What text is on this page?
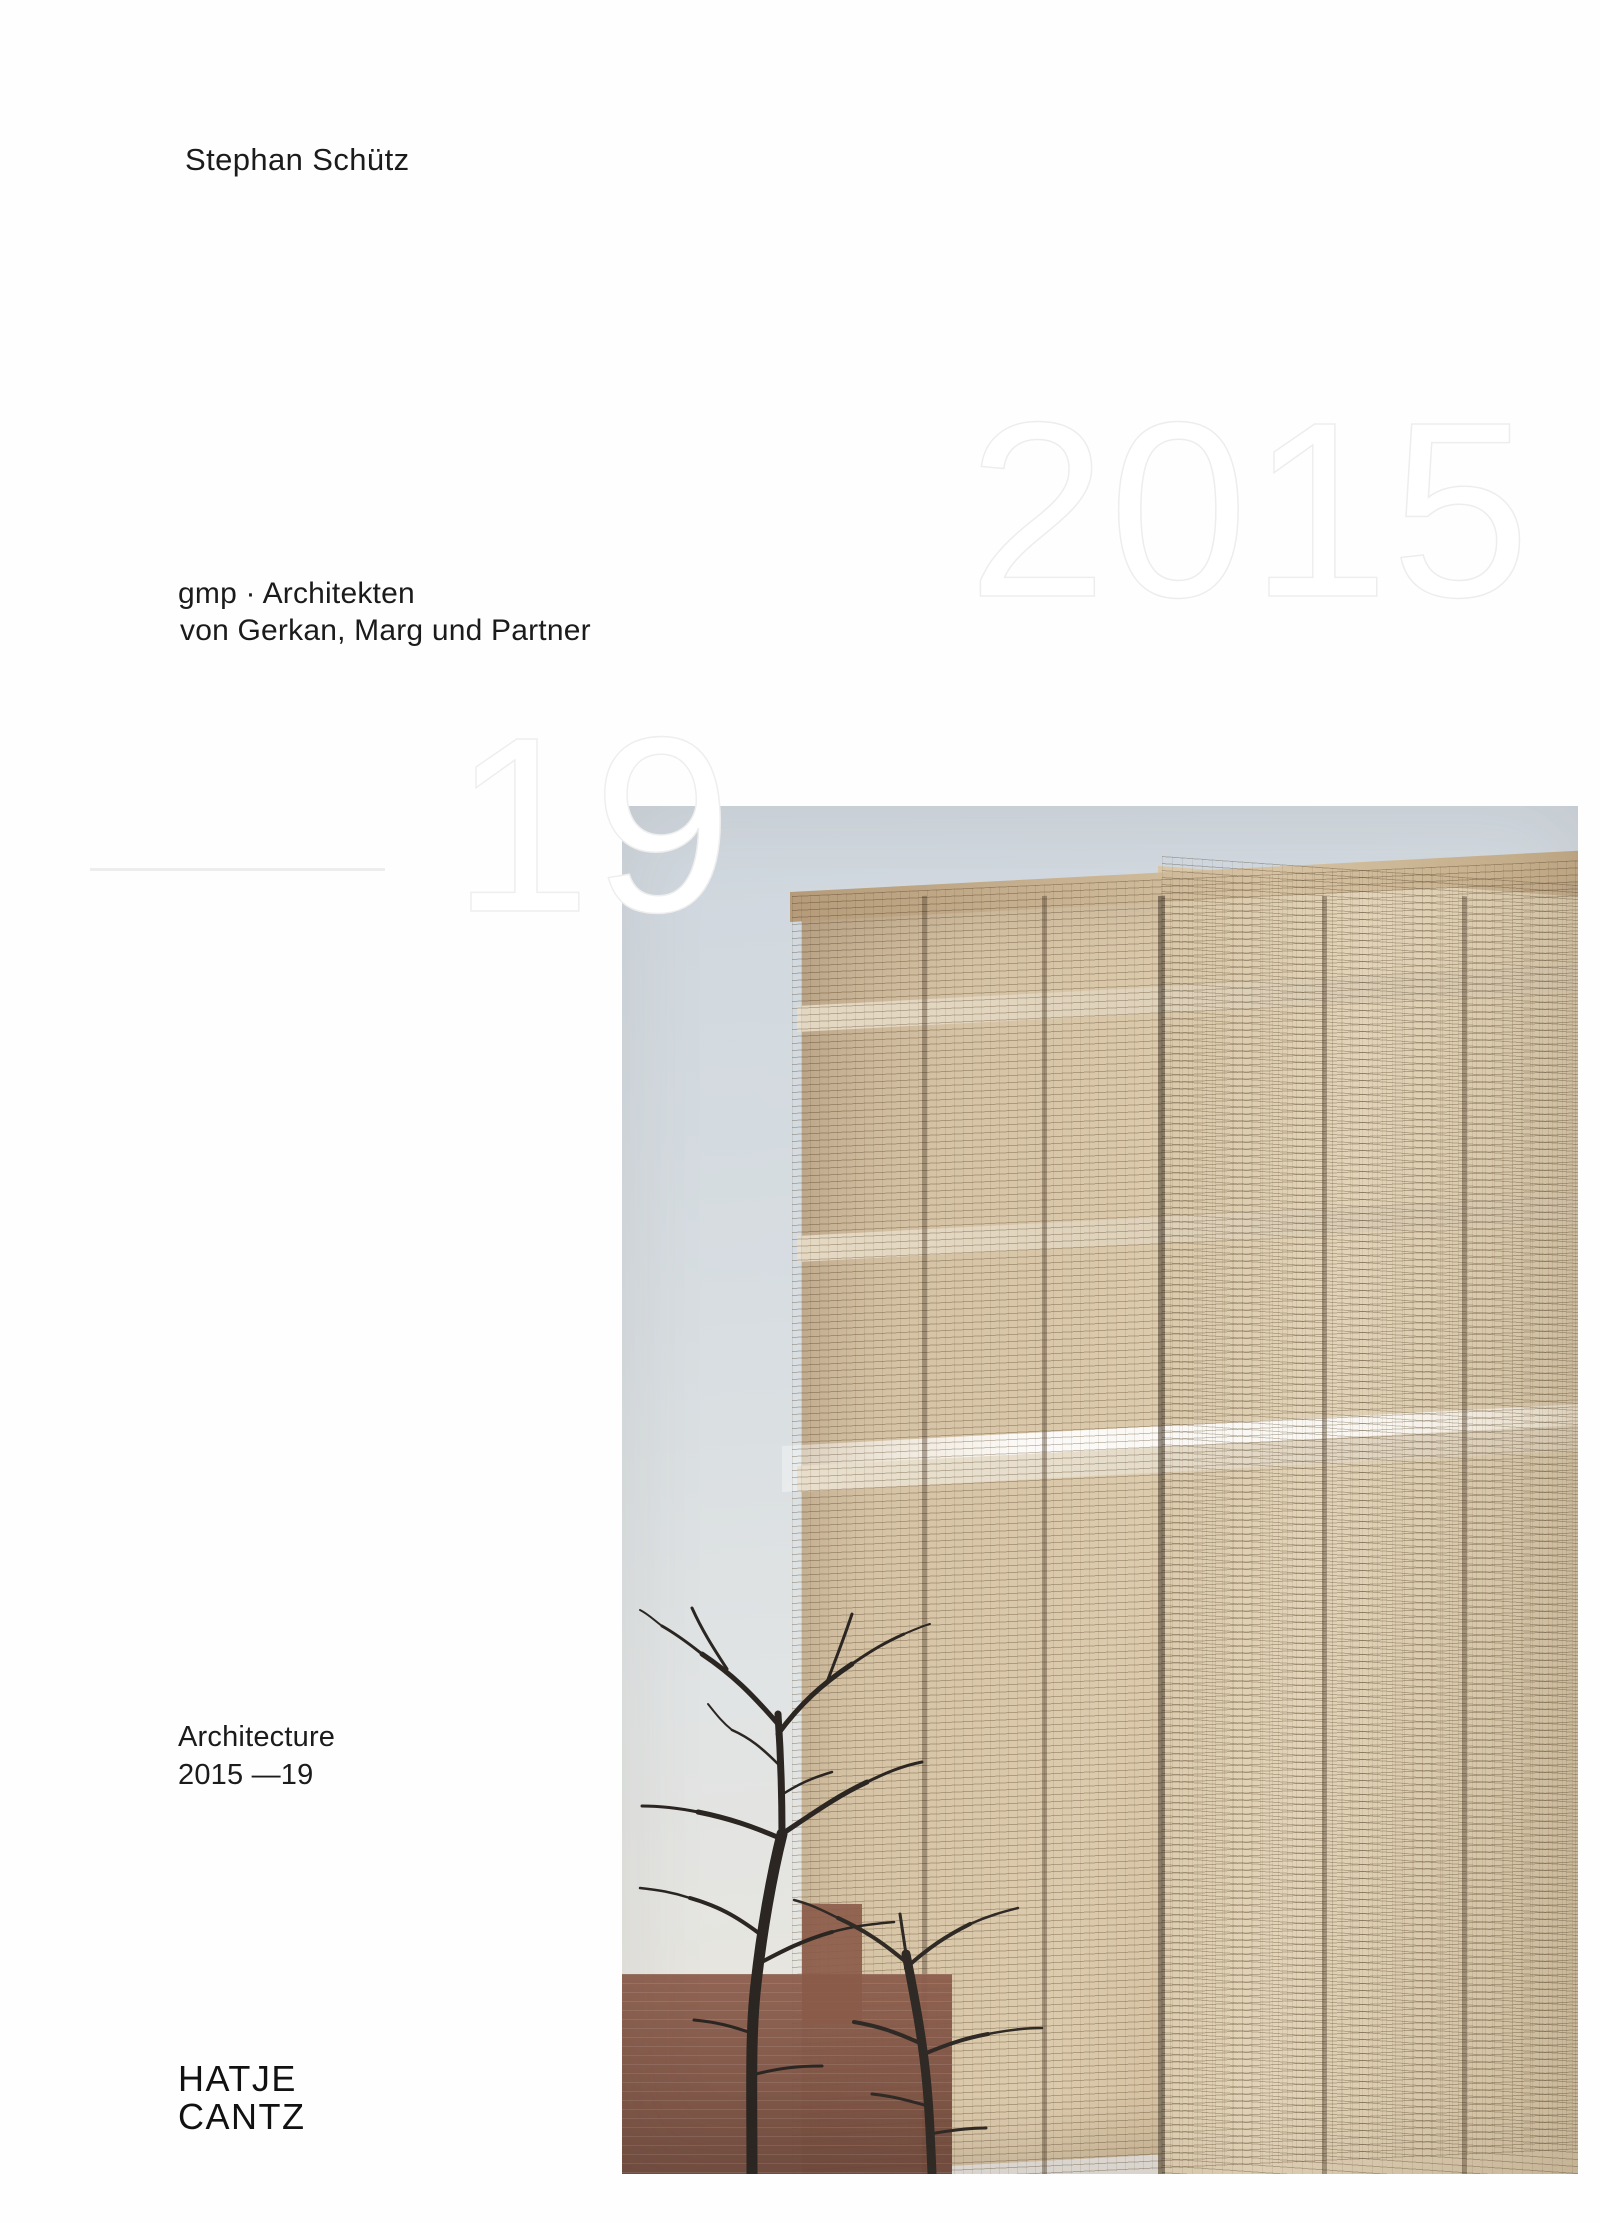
Stephan Schütz
2015
gmp · Architekten
von Gerkan, Marg und Partner
19
Architecture
2015 —19
HATJE
CANTZ
